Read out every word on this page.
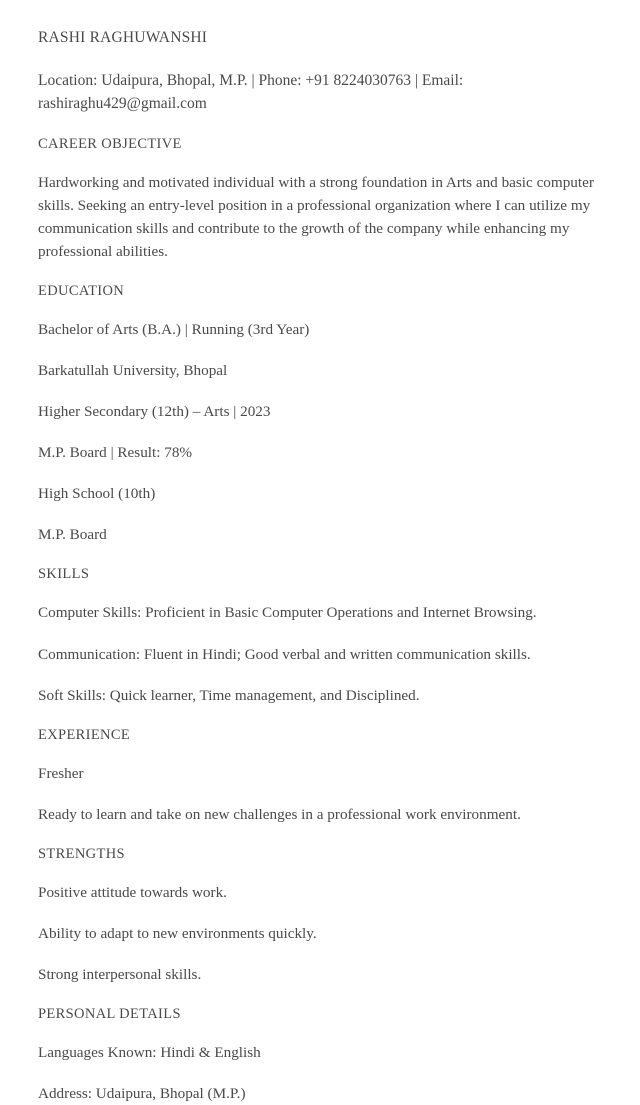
RASHI RAGHUWANSHI
Location: Udaipura, Bhopal, M.P. | Phone: +91 8224030763 | Email: rashiraghu429@gmail.com
CAREER OBJECTIVE
Hardworking and motivated individual with a strong foundation in Arts and basic computer skills. Seeking an entry-level position in a professional organization where I can utilize my communication skills and contribute to the growth of the company while enhancing my professional abilities.
EDUCATION
Bachelor of Arts (B.A.) | Running (3rd Year)
Barkatullah University, Bhopal
Higher Secondary (12th) – Arts | 2023
M.P. Board | Result: 78%
High School (10th)
M.P. Board
SKILLS
Computer Skills: Proficient in Basic Computer Operations and Internet Browsing.
Communication: Fluent in Hindi; Good verbal and written communication skills.
Soft Skills: Quick learner, Time management, and Disciplined.
EXPERIENCE
Fresher
Ready to learn and take on new challenges in a professional work environment.
STRENGTHS
Positive attitude towards work.
Ability to adapt to new environments quickly.
Strong interpersonal skills.
PERSONAL DETAILS
Languages Known: Hindi & English
Address: Udaipura, Bhopal (M.P.)
